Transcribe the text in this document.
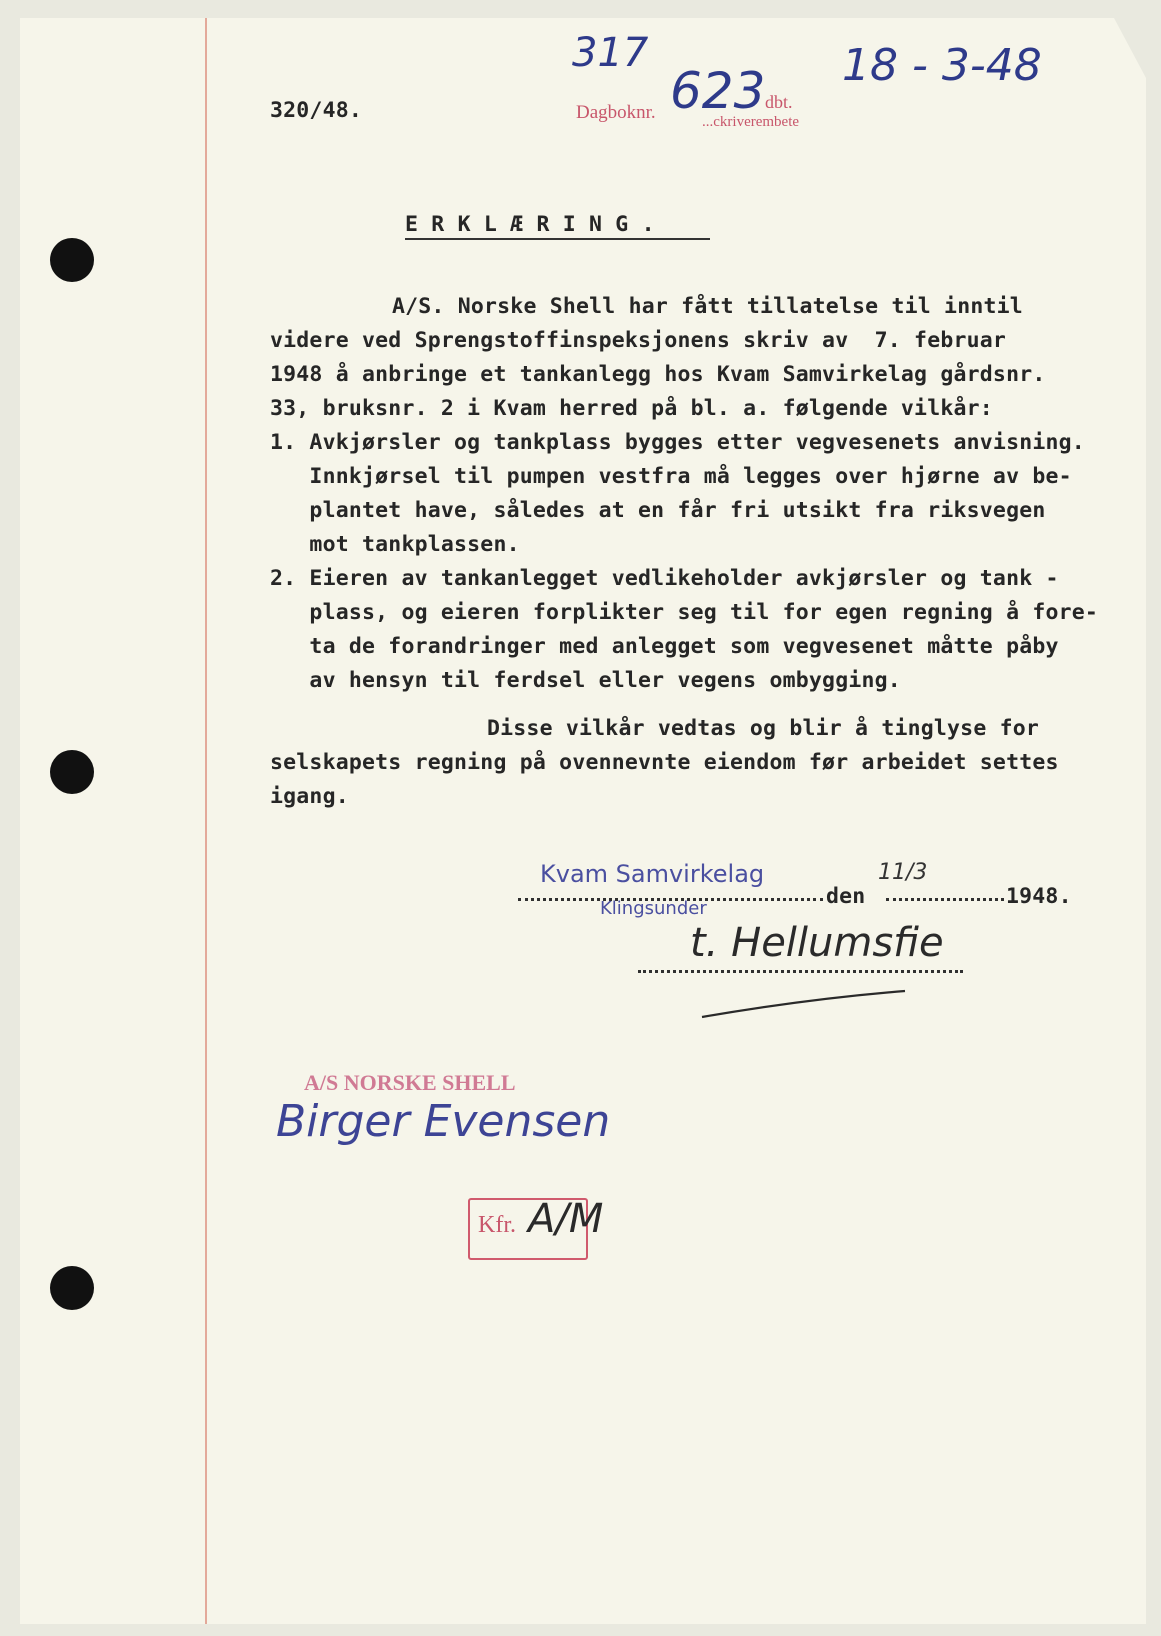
320/48.
317
Dagboknr. 623 dbt.
...ckriverembete
18 - 3-48
E R K L Æ R I N G .
A/S. Norske Shell har fått tillatelse til inntil
videre ved Sprengstoffinspeksjonens skriv av  7. februar
1948 å anbringe et tankanlegg hos Kvam Samvirkelag gårdsnr.
33, bruksnr. 2 i Kvam herred på bl. a. følgende vilkår:
1. Avkjørsler og tankplass bygges etter vegvesenets anvisning.
Innkjørsel til pumpen vestfra må legges over hjørne av be-
plantet have, således at en får fri utsikt fra riksvegen
mot tankplassen.
2. Eieren av tankanlegget vedlikeholder avkjørsler og tank -
plass, og eieren forplikter seg til for egen regning å fore-
ta de forandringer med anlegget som vegvesenet måtte påby
av hensyn til ferdsel eller vegens ombygging.
Disse vilkår vedtas og blir å tinglyse for
selskapets regning på ovennevnte eiendom før arbeidet settes
igang.
Kvam Samvirkelag
Klingsunder	den
11/3
1948.
t. Hellumsfie
A/S NORSKE SHELL
Birger Evensen
Kfr. A/M
